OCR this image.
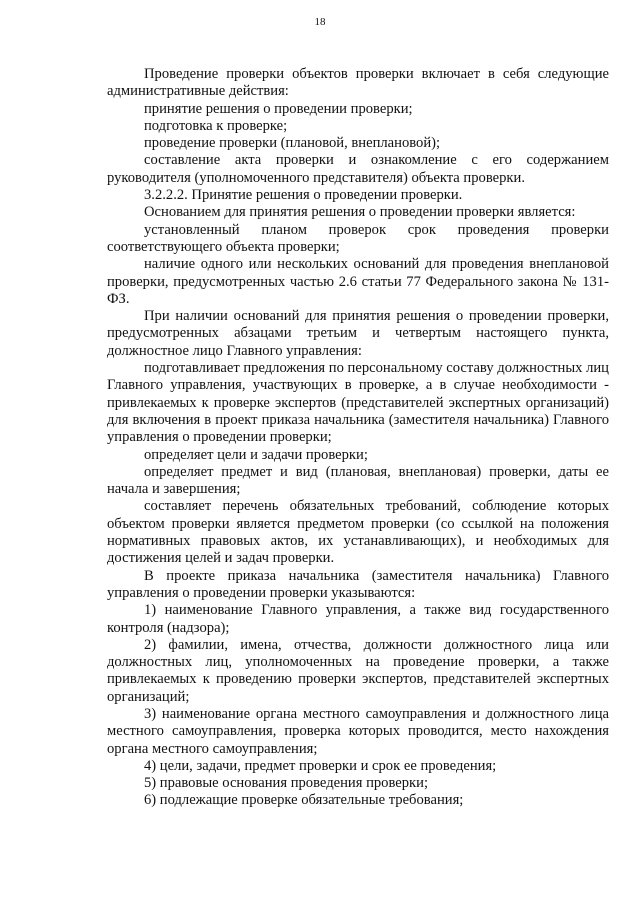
18

Проведение проверки объектов проверки включает в себя следующие административные действия:

принятие решения о проведении проверки;

подготовка к проверке;

проведение проверки (плановой, внеплановой);

составление акта проверки и ознакомление с его содержанием руководителя (уполномоченного представителя) объекта проверки.

3.2.2.2. Принятие решения о проведении проверки.

Основанием для принятия решения о проведении проверки является:

установленный планом проверок срок проведения проверки соответствующего объекта проверки;

наличие одного или нескольких оснований для проведения внеплановой проверки, предусмотренных частью 2.6 статьи 77 Федерального закона № 131-ФЗ.

При наличии оснований для принятия решения о проведении проверки, предусмотренных абзацами третьим и четвертым настоящего пункта, должностное лицо Главного управления:

подготавливает предложения по персональному составу должностных лиц Главного управления, участвующих в проверке, а в случае необходимости - привлекаемых к проверке экспертов (представителей экспертных организаций) для включения в проект приказа начальника (заместителя начальника) Главного управления о проведении проверки;

определяет цели и задачи проверки;

определяет предмет и вид (плановая, внеплановая) проверки, даты ее начала и завершения;

составляет перечень обязательных требований, соблюдение которых объектом проверки является предметом проверки (со ссылкой на положения нормативных правовых актов, их устанавливающих), и необходимых для достижения целей и задач проверки.

В проекте приказа начальника (заместителя начальника) Главного управления о проведении проверки указываются:

1) наименование Главного управления, а также вид государственного контроля (надзора);

2) фамилии, имена, отчества, должности должностного лица или должностных лиц, уполномоченных на проведение проверки, а также привлекаемых к проведению проверки экспертов, представителей экспертных организаций;

3) наименование органа местного самоуправления и должностного лица местного самоуправления, проверка которых проводится, место нахождения органа местного самоуправления;

4) цели, задачи, предмет проверки и срок ее проведения;

5) правовые основания проведения проверки;

6) подлежащие проверке обязательные требования;
